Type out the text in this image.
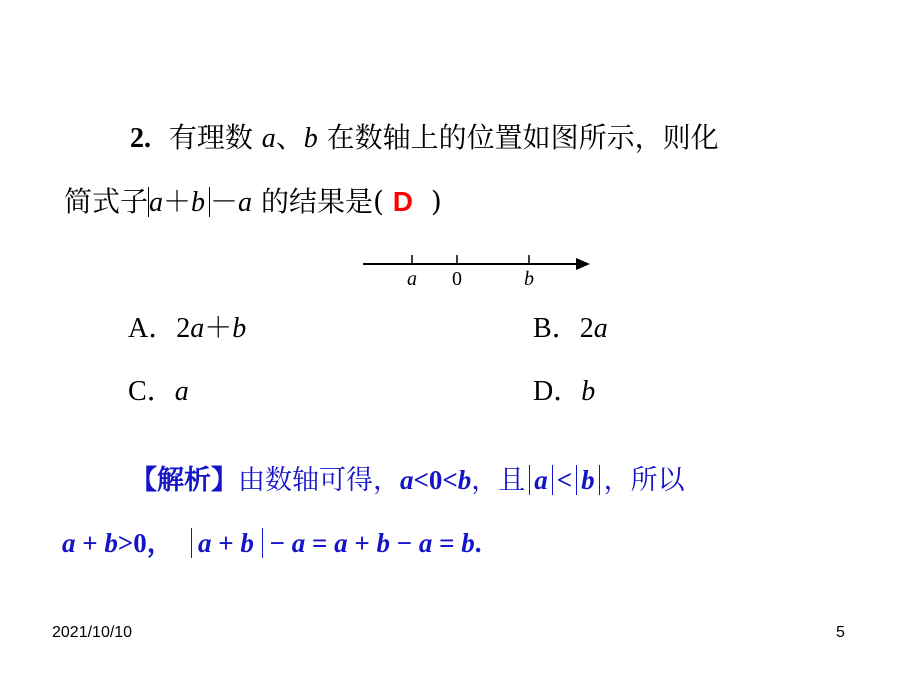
2. 有理数 a、b 在数轴上的位置如图所示，则化
简式子a＋b －a 的结果是( D )
a 0	b
A．2a＋b	B．2a
C．a	D．b
【解析】由数轴可得，a<0<b，且 a < b ，所以
a + b>0， a + b − a = a + b − a = b.
2021/10/10	5
